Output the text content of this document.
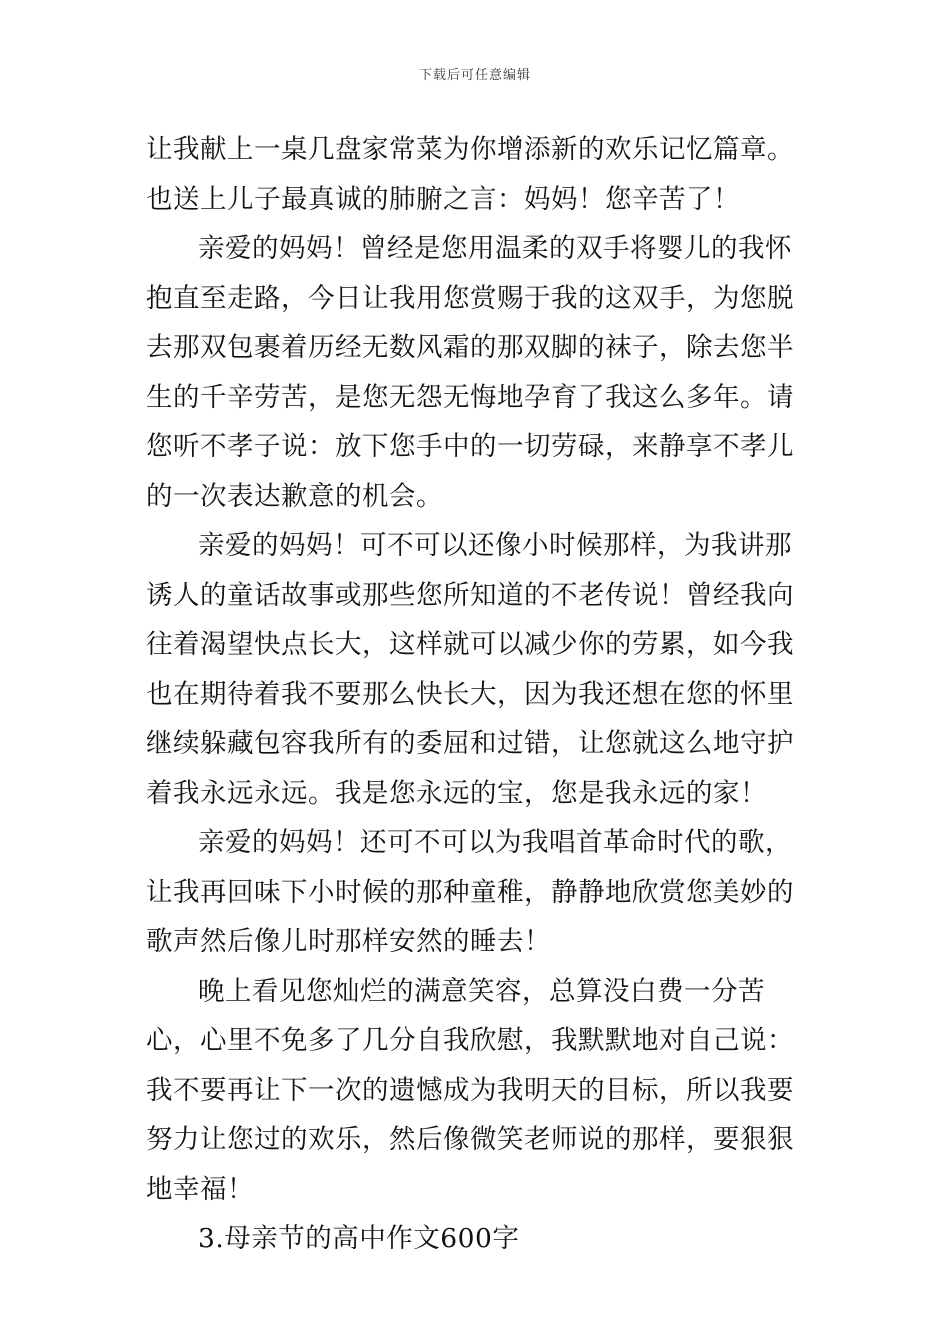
下载后可任意编辑

让我献上一桌几盘家常菜为你增添新的欢乐记忆篇章。也送上儿子最真诚的肺腑之言：妈妈！您辛苦了！

亲爱的妈妈！曾经是您用温柔的双手将婴儿的我怀抱直至走路，今日让我用您赏赐于我的这双手，为您脱去那双包裹着历经无数风霜的那双脚的袜子，除去您半生的千辛劳苦，是您无怨无悔地孕育了我这么多年。请您听不孝子说：放下您手中的一切劳碌，来静享不孝儿的一次表达歉意的机会。

亲爱的妈妈！可不可以还像小时候那样，为我讲那诱人的童话故事或那些您所知道的不老传说！曾经我向往着渴望快点长大，这样就可以减少你的劳累，如今我也在期待着我不要那么快长大，因为我还想在您的怀里继续躲藏包容我所有的委屈和过错，让您就这么地守护着我永远永远。我是您永远的宝，您是我永远的家！

亲爱的妈妈！还可不可以为我唱首革命时代的歌，让我再回味下小时候的那种童稚，静静地欣赏您美妙的歌声然后像儿时那样安然的睡去！

晚上看见您灿烂的满意笑容，总算没白费一分苦心，心里不免多了几分自我欣慰，我默默地对自己说：我不要再让下一次的遗憾成为我明天的目标，所以我要努力让您过的欢乐，然后像微笑老师说的那样，要狠狠地幸福！

3.母亲节的高中作文600字
